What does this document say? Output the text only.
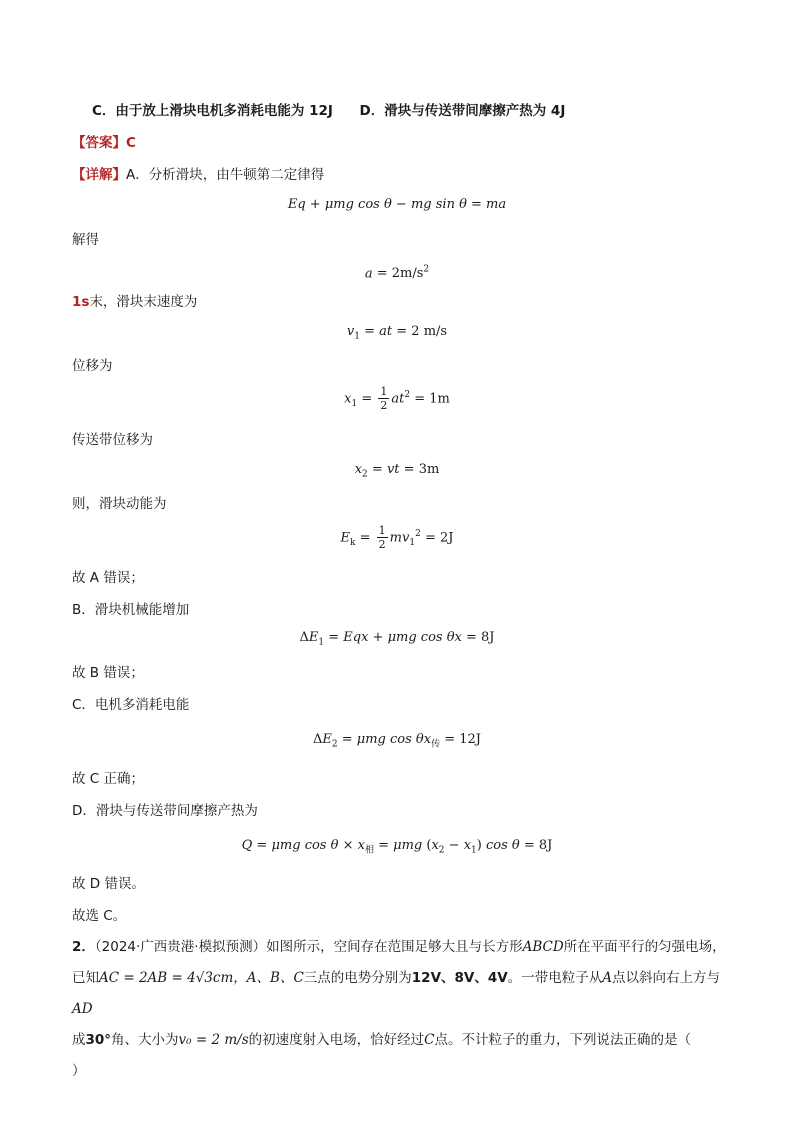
C．由于放上滑块电机多消耗电能为 12J D．滑块与传送带间摩擦产热为 4J
【答案】C
【详解】A．分析滑块，由牛顿第二定律得
Eq + μmg cos θ − mg sin θ = ma
解得
$a = 2m/s^2$
1s末，滑块末速度为
$v_1$ = at = 2 m/s
位移为
$x_1 = \frac{1}{2} at^2 = 1m$
传送带位移为
$x_2$ = vt = 3m
则，滑块动能为
$E_k = \frac{1}{2} mv_1^2 = 2J$
故 A 错误；
B．滑块机械能增加
$\Delta E_1$ = Eqx + μmg cos θx = 8J
故 B 错误；
C．电机多消耗电能
$\Delta E_2 = \mu mg$ $\cos \theta x_传 = 12J$
故 C 正确；
D．滑块与传送带间摩擦产热为
Q = μmg $\cos \theta \times x_相 = \mu mg$ $(x_2 - x_1)$ cos θ = 8J
故 D 错误。
故选 C。
2．（2024·广西贵港·模拟预测）如图所示，空间存在范围足够大且与长方形ABCD所在平面平行的匀强电场，
已知AC = 2AB = 4√3cm，A、B、C三点的电势分别为12V、8V、4V。一带电粒子从A点以斜向右上方与AD
成30°角、大小为v₀ = 2 m/s的初速度射入电场，恰好经过C点。不计粒子的重力，下列说法正确的是（）
